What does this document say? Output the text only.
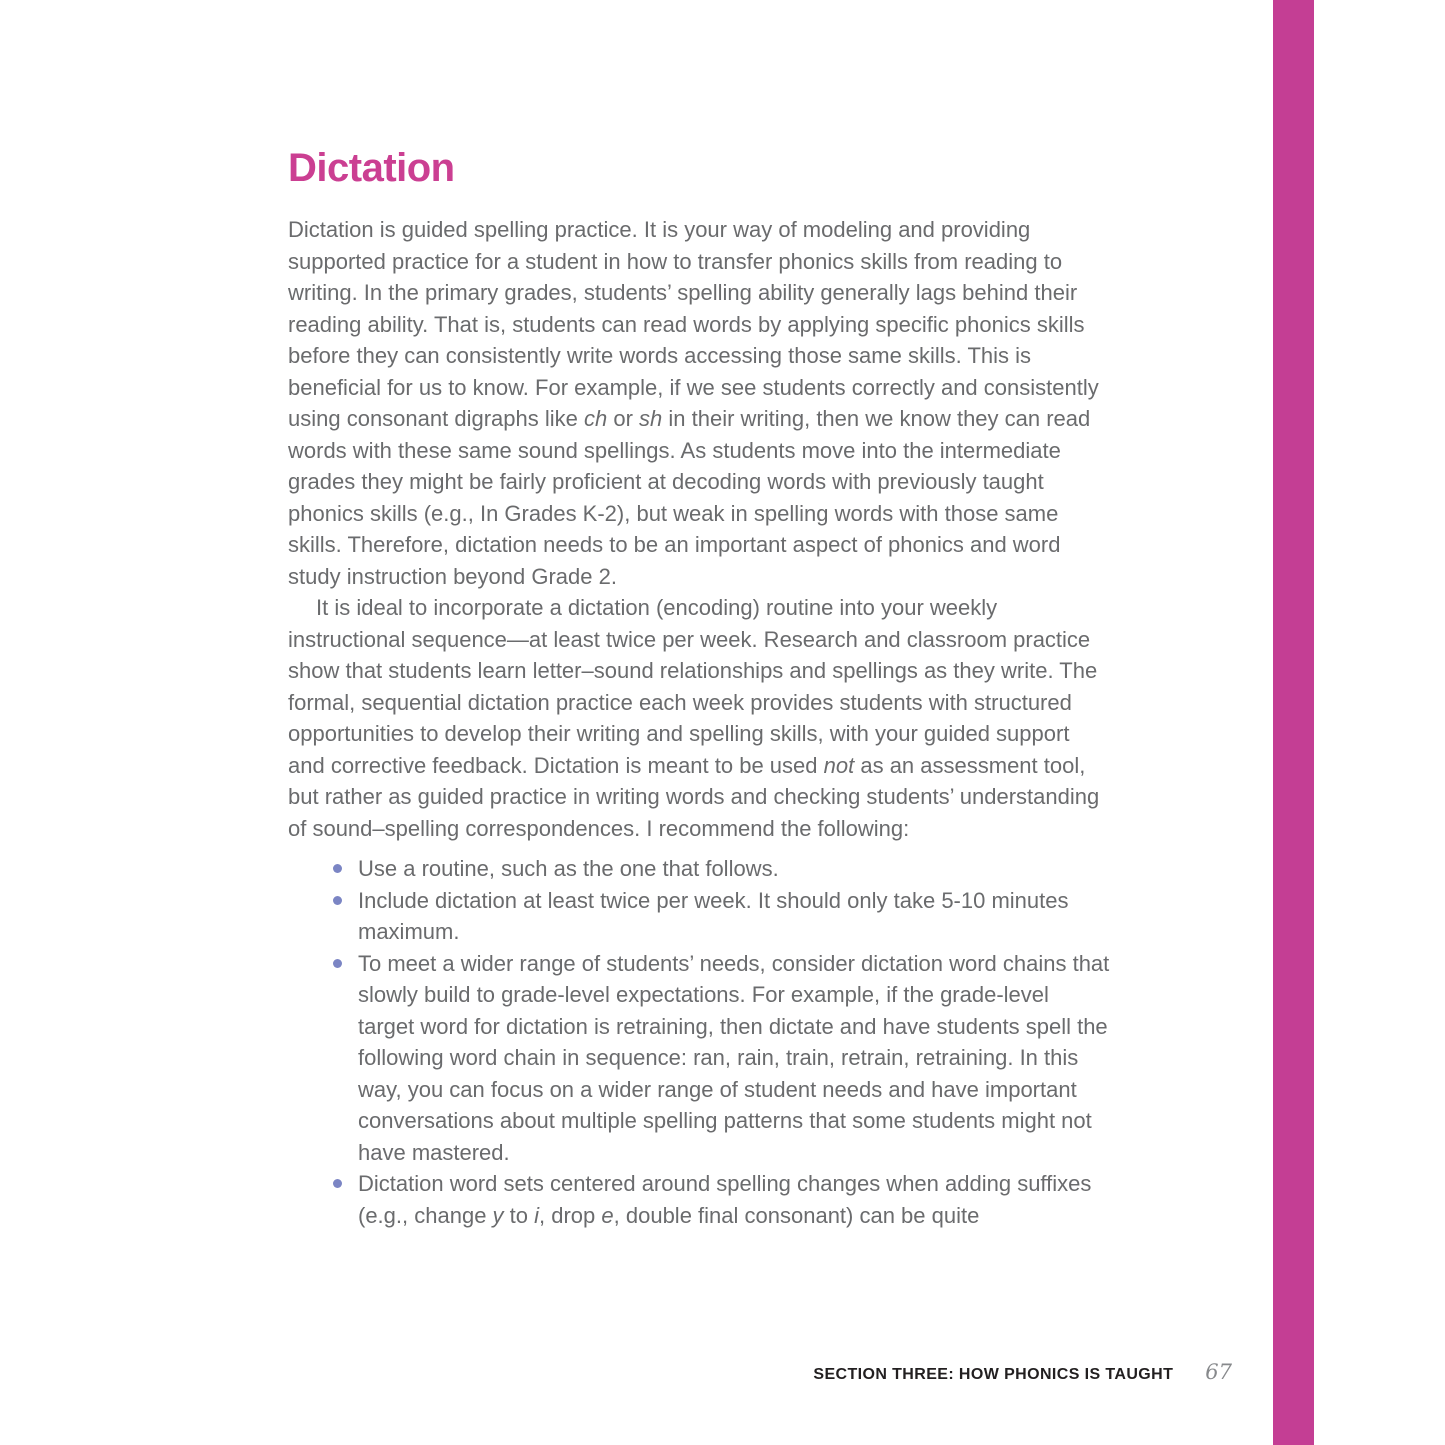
Dictation

Dictation is guided spelling practice. It is your way of modeling and providing supported practice for a student in how to transfer phonics skills from reading to writing. In the primary grades, students’ spelling ability generally lags behind their reading ability. That is, students can read words by applying specific phonics skills before they can consistently write words accessing those same skills. This is beneficial for us to know. For example, if we see students correctly and consistently using consonant digraphs like ch or sh in their writing, then we know they can read words with these same sound spellings. As students move into the intermediate grades they might be fairly proficient at decoding words with previously taught phonics skills (e.g., In Grades K-2), but weak in spelling words with those same skills. Therefore, dictation needs to be an important aspect of phonics and word study instruction beyond Grade 2.

It is ideal to incorporate a dictation (encoding) routine into your weekly instructional sequence—at least twice per week. Research and classroom practice show that students learn letter–sound relationships and spellings as they write. The formal, sequential dictation practice each week provides students with structured opportunities to develop their writing and spelling skills, with your guided support and corrective feedback. Dictation is meant to be used not as an assessment tool, but rather as guided practice in writing words and checking students’ understanding of sound–spelling correspondences. I recommend the following:

Use a routine, such as the one that follows.
Include dictation at least twice per week. It should only take 5-10 minutes maximum.
To meet a wider range of students’ needs, consider dictation word chains that slowly build to grade-level expectations. For example, if the grade-level target word for dictation is retraining, then dictate and have students spell the following word chain in sequence: ran, rain, train, retrain, retraining. In this way, you can focus on a wider range of student needs and have important conversations about multiple spelling patterns that some students might not have mastered.
Dictation word sets centered around spelling changes when adding suffixes (e.g., change y to i, drop e, double final consonant) can be quite
SECTION THREE: HOW PHONICS IS TAUGHT 67
